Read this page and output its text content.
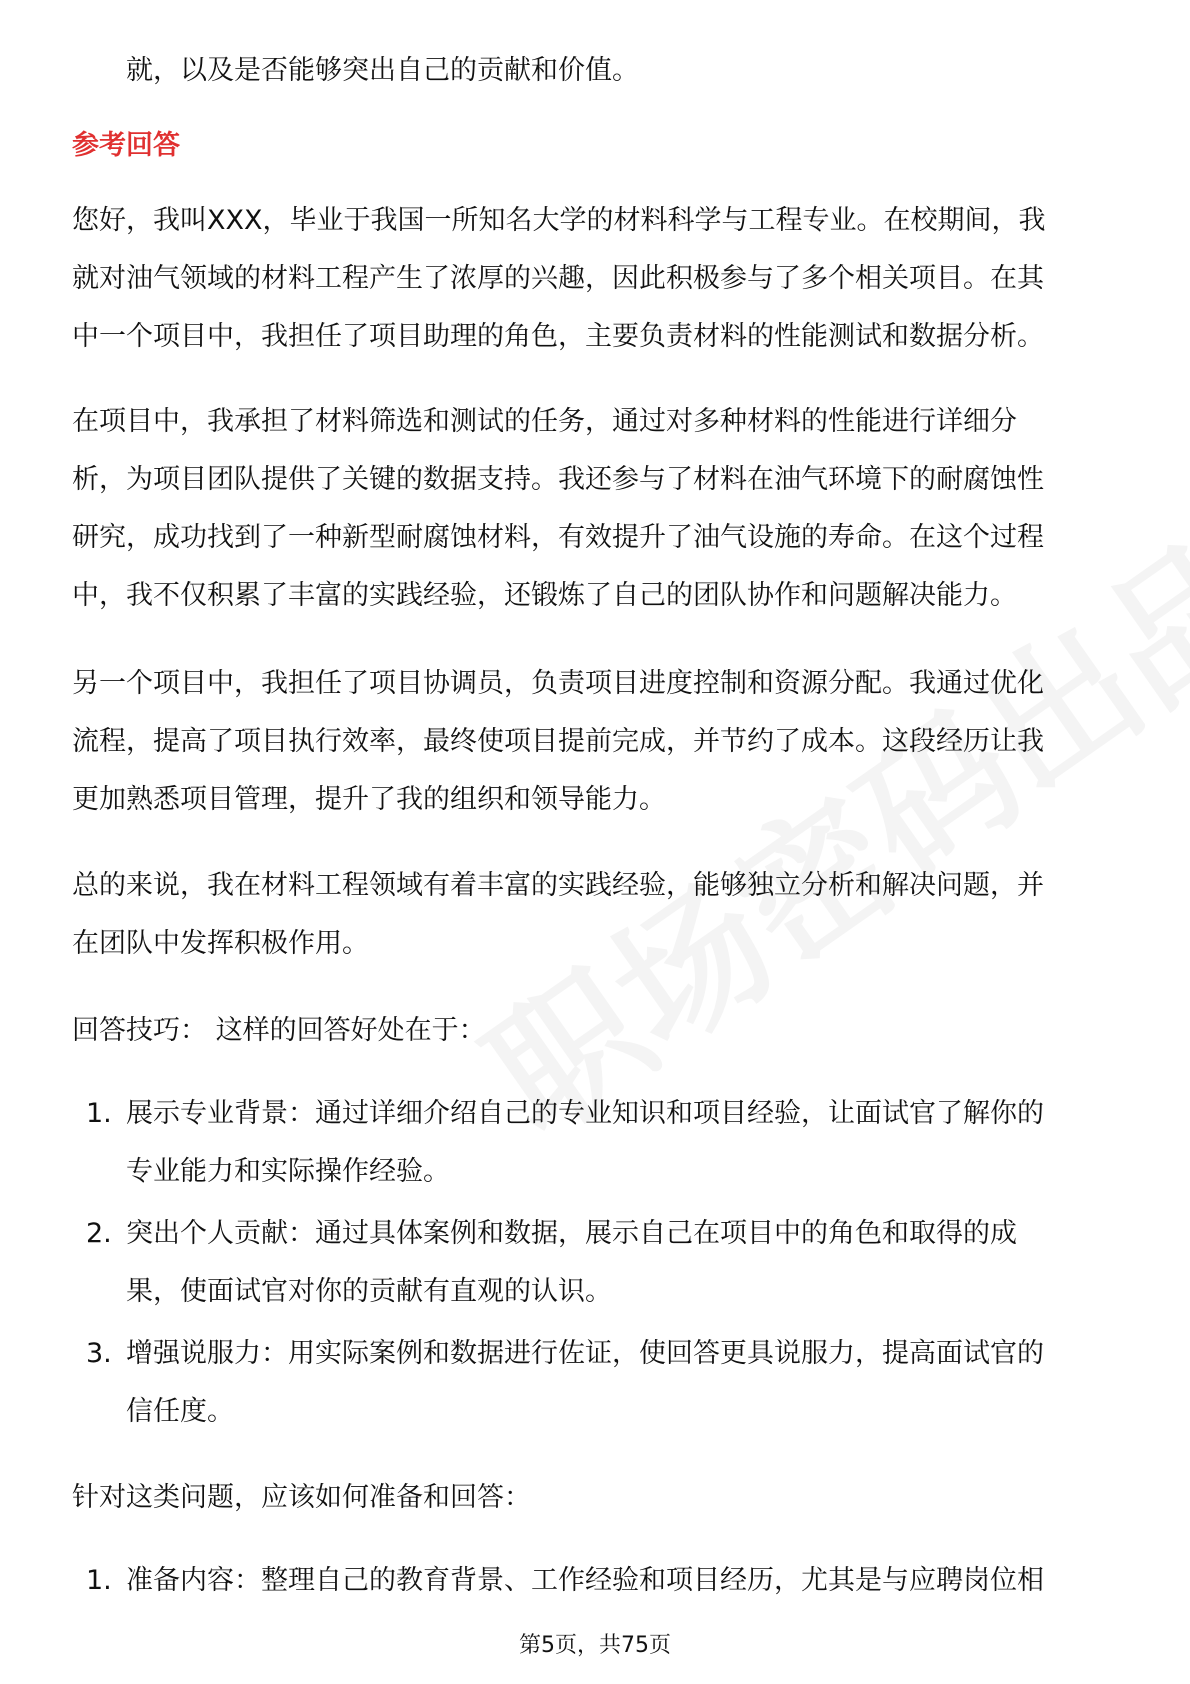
就，以及是否能够突出自己的贡献和价值。
参考回答
您好，我叫XXX，毕业于我国一所知名大学的材料科学与工程专业。在校期间，我
就对油气领域的材料工程产生了浓厚的兴趣，因此积极参与了多个相关项目。在其
中一个项目中，我担任了项目助理的角色，主要负责材料的性能测试和数据分析。
在项目中，我承担了材料筛选和测试的任务，通过对多种材料的性能进行详细分
析，为项目团队提供了关键的数据支持。我还参与了材料在油气环境下的耐腐蚀性
研究，成功找到了一种新型耐腐蚀材料，有效提升了油气设施的寿命。在这个过程
中，我不仅积累了丰富的实践经验，还锻炼了自己的团队协作和问题解决能力。
另一个项目中，我担任了项目协调员，负责项目进度控制和资源分配。我通过优化
流程，提高了项目执行效率，最终使项目提前完成，并节约了成本。这段经历让我
更加熟悉项目管理，提升了我的组织和领导能力。
总的来说，我在材料工程领域有着丰富的实践经验，能够独立分析和解决问题，并
在团队中发挥积极作用。
回答技巧： 这样的回答好处在于：
1. 展示专业背景：通过详细介绍自己的专业知识和项目经验，让面试官了解你的
专业能力和实际操作经验。
2. 突出个人贡献：通过具体案例和数据，展示自己在项目中的角色和取得的成
果，使面试官对你的贡献有直观的认识。
3. 增强说服力：用实际案例和数据进行佐证，使回答更具说服力，提高面试官的
信任度。
针对这类问题，应该如何准备和回答：
1. 准备内容：整理自己的教育背景、工作经验和项目经历，尤其是与应聘岗位相
第5页，共75页
